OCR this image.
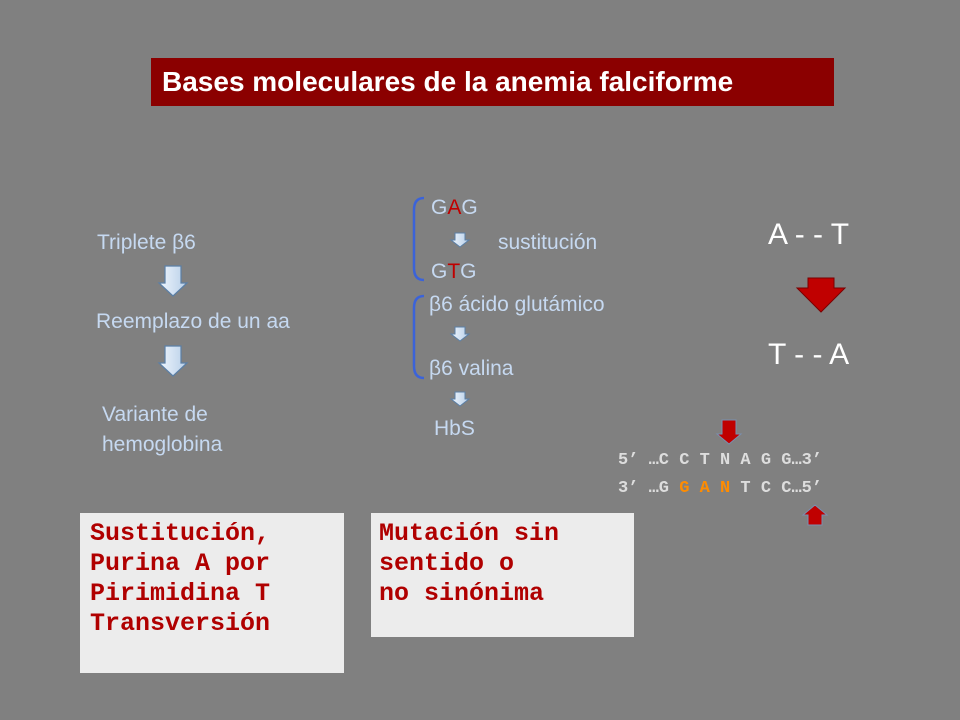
Bases moleculares de la anemia falciforme
Triplete β6
Reemplazo de un aa
Variante de
hemoglobina
GAG
sustitución
GTG
β6 ácido glutámico
β6 valina
HbS
A - - T
T - - A
5’ …C C T N A G G…3’
3’ …G G A N T C C…5’
Sustitución,
Purina A por
Pirimidina T
Transversión
Mutación sin
sentido o
no sinónima
